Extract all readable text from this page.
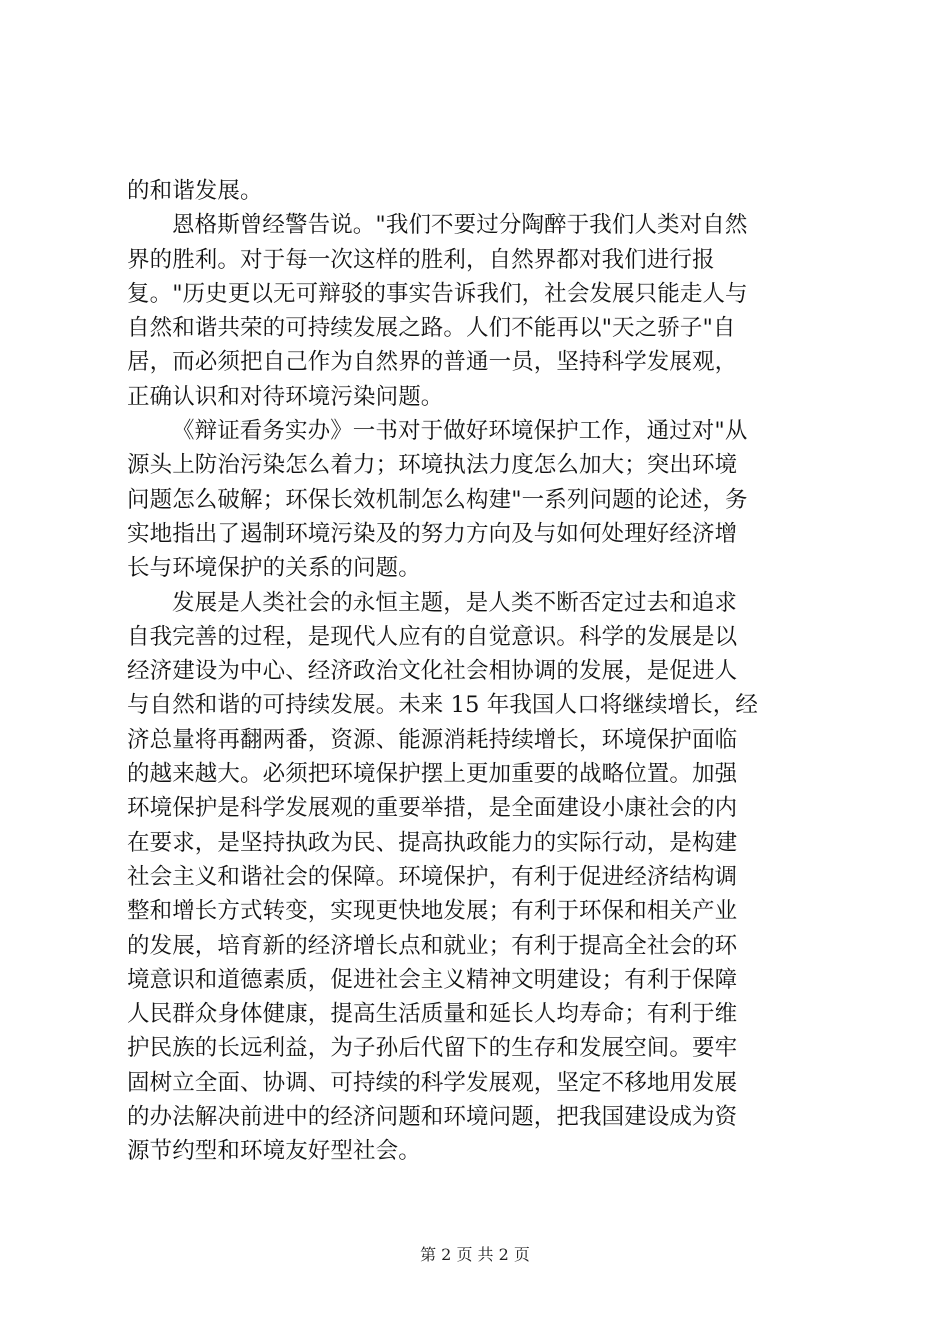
的和谐发展。
恩格斯曾经警告说。"我们不要过分陶醉于我们人类对自然
界的胜利。对于每一次这样的胜利，自然界都对我们进行报
复。"历史更以无可辩驳的事实告诉我们，社会发展只能走人与
自然和谐共荣的可持续发展之路。人们不能再以"天之骄子"自
居，而必须把自己作为自然界的普通一员，坚持科学发展观，
正确认识和对待环境污染问题。
《辩证看务实办》一书对于做好环境保护工作，通过对"从
源头上防治污染怎么着力；环境执法力度怎么加大；突出环境
问题怎么破解；环保长效机制怎么构建"一系列问题的论述，务
实地指出了遏制环境污染及的努力方向及与如何处理好经济增
长与环境保护的关系的问题。
发展是人类社会的永恒主题，是人类不断否定过去和追求
自我完善的过程，是现代人应有的自觉意识。科学的发展是以
经济建设为中心、经济政治文化社会相协调的发展，是促进人
与自然和谐的可持续发展。未来 15 年我国人口将继续增长，经
济总量将再翻两番，资源、能源消耗持续增长，环境保护面临
的越来越大。必须把环境保护摆上更加重要的战略位置。加强
环境保护是科学发展观的重要举措，是全面建设小康社会的内
在要求，是坚持执政为民、提高执政能力的实际行动，是构建
社会主义和谐社会的保障。环境保护，有利于促进经济结构调
整和增长方式转变，实现更快地发展；有利于环保和相关产业
的发展，培育新的经济增长点和就业；有利于提高全社会的环
境意识和道德素质，促进社会主义精神文明建设；有利于保障
人民群众身体健康，提高生活质量和延长人均寿命；有利于维
护民族的长远利益，为子孙后代留下的生存和发展空间。要牢
固树立全面、协调、可持续的科学发展观，坚定不移地用发展
的办法解决前进中的经济问题和环境问题，把我国建设成为资
源节约型和环境友好型社会。
第 2 页 共 2 页
